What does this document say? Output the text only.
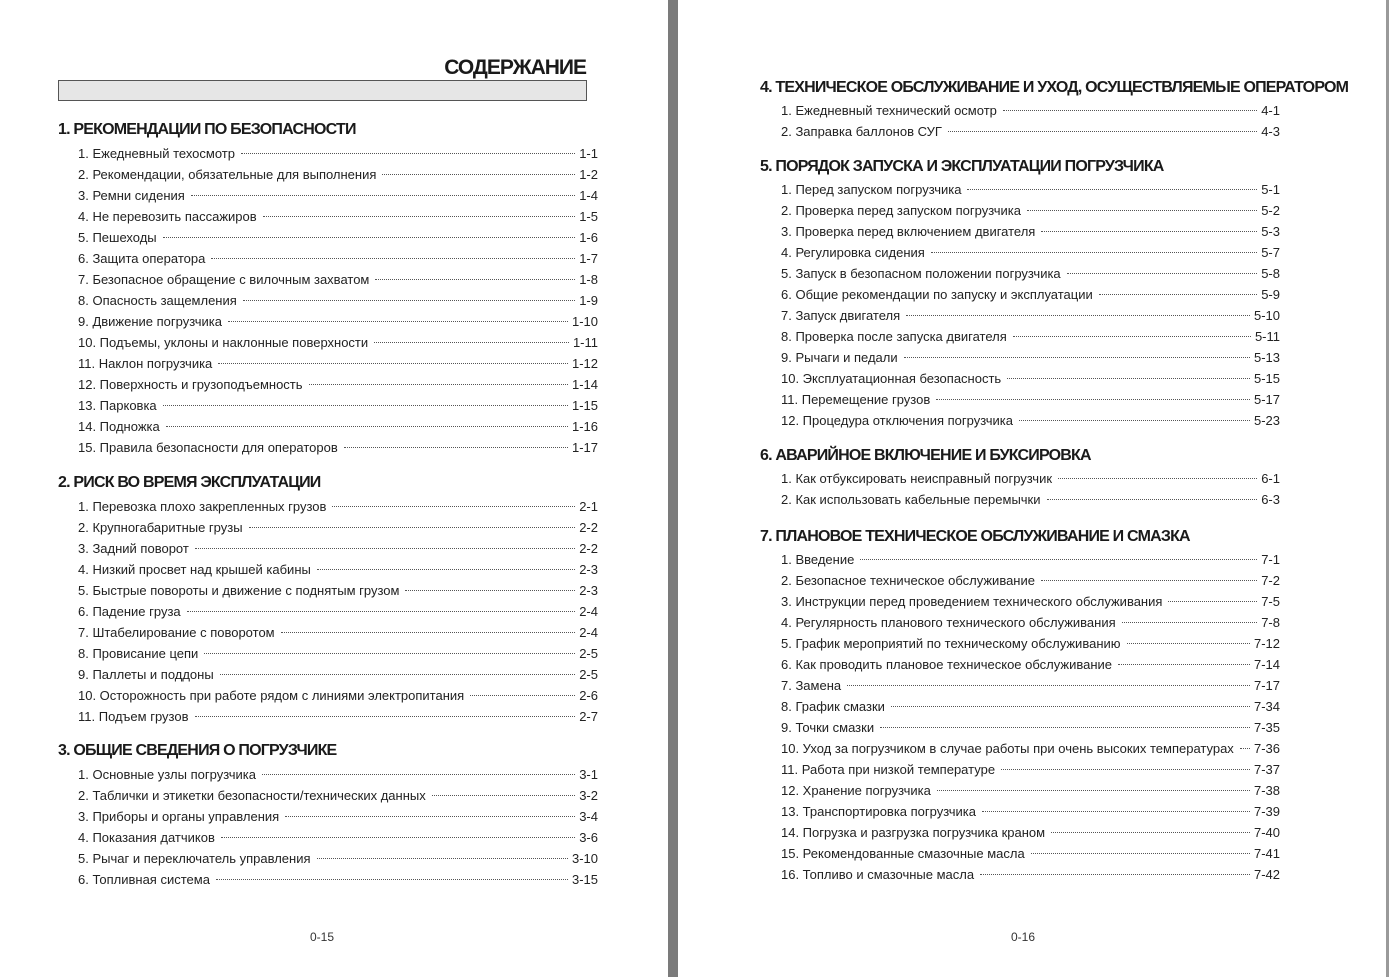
СОДЕРЖАНИЕ
0-15
1. РЕКОМЕНДАЦИИ ПО БЕЗОПАСНОСТИ
1. Ежедневный техосмотр	1-1
2. Рекомендации, обязательные для выполнения	1-2
3. Ремни сидения	1-4
4. Не перевозить пассажиров	1-5
5. Пешеходы	1-6
6. Защита оператора	1-7
7. Безопасное обращение с вилочным захватом	1-8
8. Опасность защемления	1-9
9. Движение погрузчика	1-10
10. Подъемы, уклоны и наклонные поверхности	1-11
11. Наклон погрузчика	1-12
12. Поверхность и грузоподъемность	1-14
13. Парковка	1-15
14. Подножка	1-16
15. Правила безопасности для операторов	1-17
2. РИСК ВО ВРЕМЯ ЭКСПЛУАТАЦИИ
1. Перевозка плохо закрепленных грузов	2-1
2. Крупногабаритные грузы	2-2
3. Задний поворот	2-2
4. Низкий просвет над крышей кабины	2-3
5. Быстрые повороты и движение с поднятым грузом	2-3
6. Падение груза	2-4
7. Штабелирование с поворотом	2-4
8. Провисание цепи	2-5
9. Паллеты и поддоны	2-5
10. Осторожность при работе рядом с линиями электропитания	2-6
11. Подъем грузов	2-7
3. ОБЩИЕ СВЕДЕНИЯ О ПОГРУЗЧИКЕ
1. Основные узлы погрузчика	3-1
2. Таблички и этикетки безопасности/технических данных	3-2
3. Приборы и органы управления	3-4
4. Показания датчиков	3-6
5. Рычаг и переключатель управления	3-10
6. Топливная система	3-15
0-16
4. ТЕХНИЧЕСКОЕ ОБСЛУЖИВАНИЕ И УХОД, ОСУЩЕСТВЛЯЕМЫЕ ОПЕРАТОРОМ
1. Ежедневный технический осмотр	4-1
2. Заправка баллонов СУГ	4-3
5. ПОРЯДОК ЗАПУСКА И ЭКСПЛУАТАЦИИ ПОГРУЗЧИКА
1. Перед запуском погрузчика	5-1
2. Проверка перед запуском погрузчика	5-2
3. Проверка перед включением двигателя	5-3
4. Регулировка сидения	5-7
5. Запуск в безопасном положении погрузчика	5-8
6. Общие рекомендации по запуску и эксплуатации	5-9
7. Запуск двигателя	5-10
8. Проверка после запуска двигателя	5-11
9. Рычаги и педали	5-13
10. Эксплуатационная безопасность	5-15
11. Перемещение грузов	5-17
12. Процедура отключения погрузчика	5-23
6. АВАРИЙНОЕ ВКЛЮЧЕНИЕ И БУКСИРОВКА
1. Как отбуксировать неисправный погрузчик	6-1
2. Как использовать кабельные перемычки	6-3
7. ПЛАНОВОЕ ТЕХНИЧЕСКОЕ ОБСЛУЖИВАНИЕ И СМАЗКА
1. Введение	7-1
2. Безопасное техническое обслуживание	7-2
3. Инструкции перед проведением технического обслуживания	7-5
4. Регулярность планового технического обслуживания	7-8
5. График мероприятий по техническому обслуживанию	7-12
6. Как проводить плановое техническое обслуживание	7-14
7. Замена	7-17
8. График смазки	7-34
9. Точки смазки	7-35
10. Уход за погрузчиком в случае работы при очень высоких температурах 7-36
11. Работа при низкой температуре	7-37
12. Хранение погрузчика	7-38
13. Транспортировка погрузчика	7-39
14. Погрузка и разгрузка погрузчика краном	7-40
15. Рекомендованные смазочные масла	7-41
16. Топливо и смазочные масла	7-42
